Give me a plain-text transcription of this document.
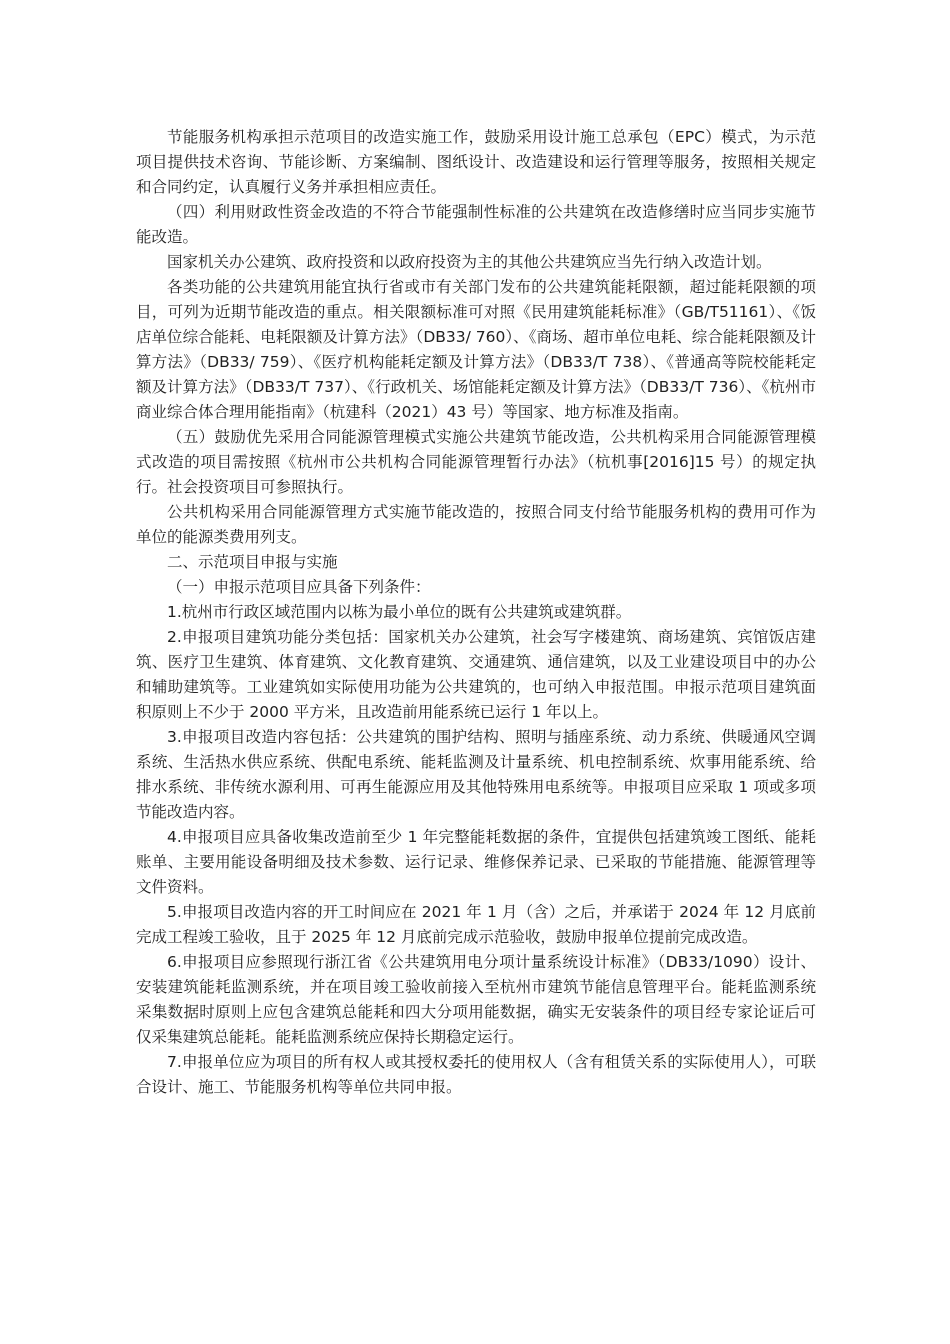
节能服务机构承担示范项目的改造实施工作，鼓励采用设计施工总承包（EPC）模式，为示范项目提供技术咨询、节能诊断、方案编制、图纸设计、改造建设和运行管理等服务，按照相关规定和合同约定，认真履行义务并承担相应责任。

（四）利用财政性资金改造的不符合节能强制性标准的公共建筑在改造修缮时应当同步实施节能改造。

国家机关办公建筑、政府投资和以政府投资为主的其他公共建筑应当先行纳入改造计划。

各类功能的公共建筑用能宜执行省或市有关部门发布的公共建筑能耗限额，超过能耗限额的项目，可列为近期节能改造的重点。相关限额标准可对照《民用建筑能耗标准》（GB/T51161）、《饭店单位综合能耗、电耗限额及计算方法》（DB33/ 760）、《商场、超市单位电耗、综合能耗限额及计算方法》（DB33/ 759）、《医疗机构能耗定额及计算方法》（DB33/T 738）、《普通高等院校能耗定额及计算方法》（DB33/T 737）、《行政机关、场馆能耗定额及计算方法》（DB33/T 736）、《杭州市商业综合体合理用能指南》（杭建科（2021）43 号）等国家、地方标准及指南。

（五）鼓励优先采用合同能源管理模式实施公共建筑节能改造，公共机构采用合同能源管理模式改造的项目需按照《杭州市公共机构合同能源管理暂行办法》（杭机事[2016]15 号）的规定执行。社会投资项目可参照执行。

公共机构采用合同能源管理方式实施节能改造的，按照合同支付给节能服务机构的费用可作为单位的能源类费用列支。

二、示范项目申报与实施

（一）申报示范项目应具备下列条件：

1.杭州市行政区域范围内以栋为最小单位的既有公共建筑或建筑群。

2.申报项目建筑功能分类包括：国家机关办公建筑，社会写字楼建筑、商场建筑、宾馆饭店建筑、医疗卫生建筑、体育建筑、文化教育建筑、交通建筑、通信建筑，以及工业建设项目中的办公和辅助建筑等。工业建筑如实际使用功能为公共建筑的，也可纳入申报范围。申报示范项目建筑面积原则上不少于 2000 平方米，且改造前用能系统已运行 1 年以上。

3.申报项目改造内容包括：公共建筑的围护结构、照明与插座系统、动力系统、供暖通风空调系统、生活热水供应系统、供配电系统、能耗监测及计量系统、机电控制系统、炊事用能系统、给排水系统、非传统水源利用、可再生能源应用及其他特殊用电系统等。申报项目应采取 1 项或多项节能改造内容。

4.申报项目应具备收集改造前至少 1 年完整能耗数据的条件，宜提供包括建筑竣工图纸、能耗账单、主要用能设备明细及技术参数、运行记录、维修保养记录、已采取的节能措施、能源管理等文件资料。

5.申报项目改造内容的开工时间应在 2021 年 1 月（含）之后，并承诺于 2024 年 12 月底前完成工程竣工验收，且于 2025 年 12 月底前完成示范验收，鼓励申报单位提前完成改造。

6.申报项目应参照现行浙江省《公共建筑用电分项计量系统设计标准》（DB33/1090）设计、安装建筑能耗监测系统，并在项目竣工验收前接入至杭州市建筑节能信息管理平台。能耗监测系统采集数据时原则上应包含建筑总能耗和四大分项用能数据，确实无安装条件的项目经专家论证后可仅采集建筑总能耗。能耗监测系统应保持长期稳定运行。

7.申报单位应为项目的所有权人或其授权委托的使用权人（含有租赁关系的实际使用人），可联合设计、施工、节能服务机构等单位共同申报。
